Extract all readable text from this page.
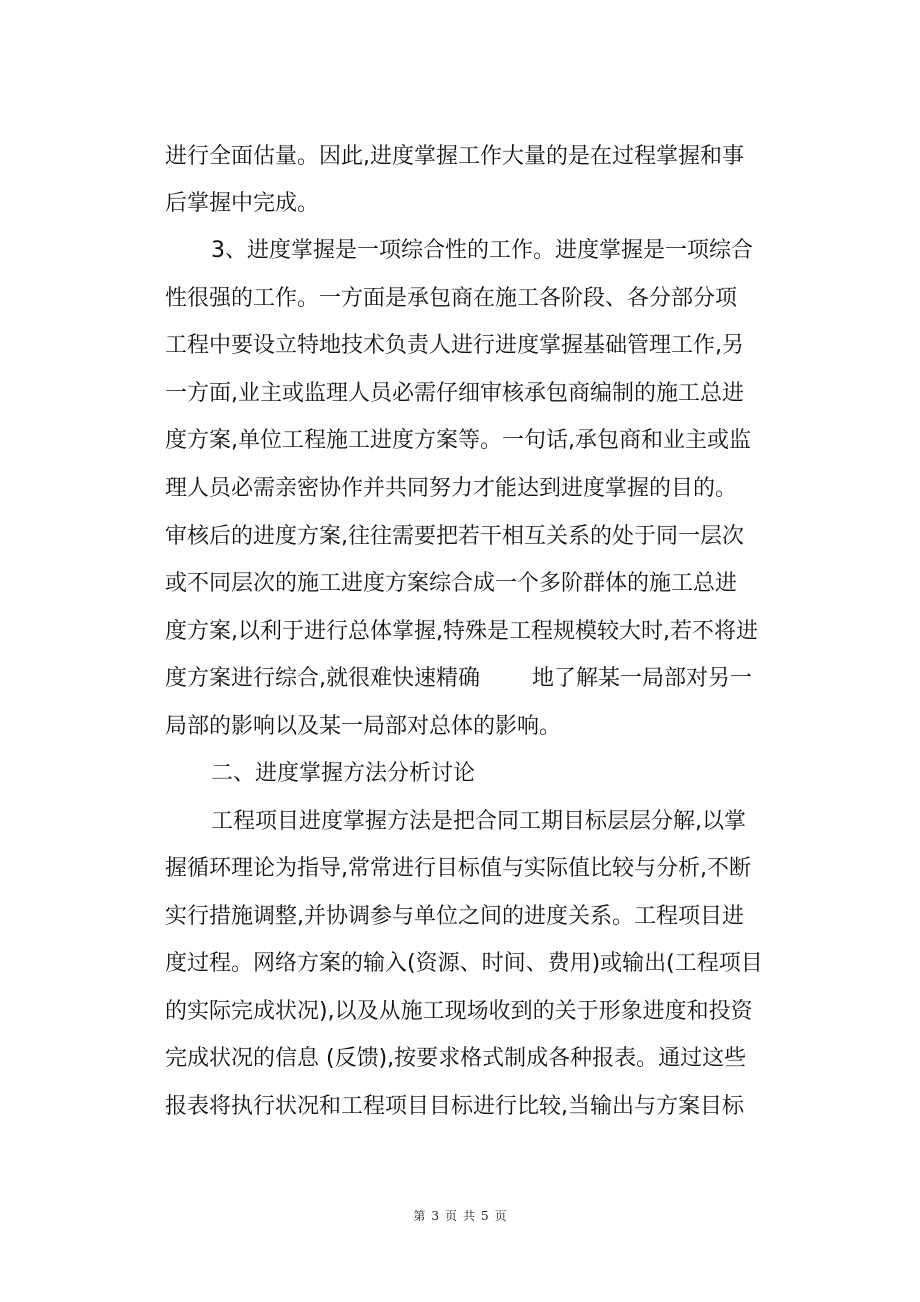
进行全面估量。因此,进度掌握工作大量的是在过程掌握和事
后掌握中完成。
3、进度掌握是一项综合性的工作。进度掌握是一项综合
性很强的工作。一方面是承包商在施工各阶段、各分部分项
工程中要设立特地技术负责人进行进度掌握基础管理工作,另
一方面,业主或监理人员必需仔细审核承包商编制的施工总进
度方案,单位工程施工进度方案等。一句话,承包商和业主或监
理人员必需亲密协作并共同努力才能达到进度掌握的目的。
审核后的进度方案,往往需要把若干相互关系的处于同一层次
或不同层次的施工进度方案综合成一个多阶群体的施工总进
度方案,以利于进行总体掌握,特殊是工程规模较大时,若不将进
度方案进行综合,就很难快速精确 地了解某一局部对另一
局部的影响以及某一局部对总体的影响。
二、进度掌握方法分析讨论
工程项目进度掌握方法是把合同工期目标层层分解,以掌
握循环理论为指导,常常进行目标值与实际值比较与分析,不断
实行措施调整,并协调参与单位之间的进度关系。工程项目进
度过程。网络方案的输入(资源、时间、费用)或输出(工程项目
的实际完成状况),以及从施工现场收到的关于形象进度和投资
完成状况的信息 (反馈),按要求格式制成各种报表。通过这些
报表将执行状况和工程项目目标进行比较,当输出与方案目标
第 3 页 共 5 页
